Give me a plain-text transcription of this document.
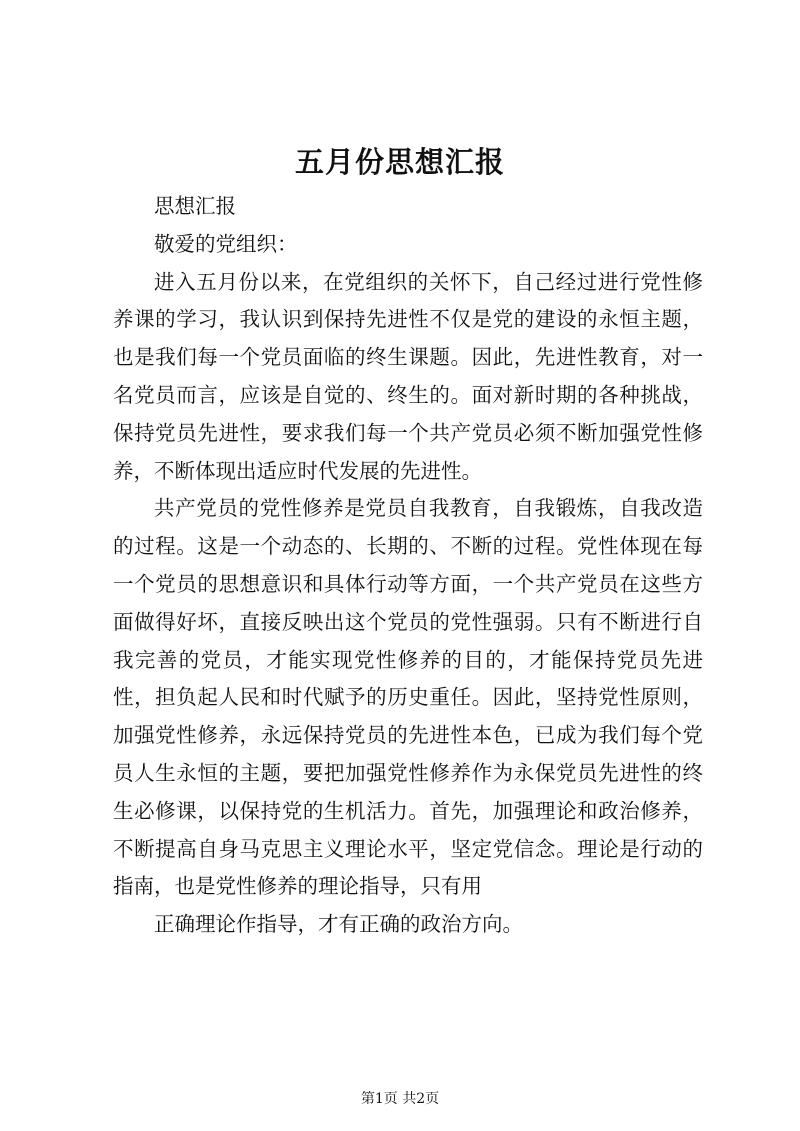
五月份思想汇报

思想汇报

敬爱的党组织：

进入五月份以来，在党组织的关怀下，自己经过进行党性修养课的学习，我认识到保持先进性不仅是党的建设的永恒主题，也是我们每一个党员面临的终生课题。因此，先进性教育，对一名党员而言，应该是自觉的、终生的。面对新时期的各种挑战，保持党员先进性，要求我们每一个共产党员必须不断加强党性修养，不断体现出适应时代发展的先进性。

共产党员的党性修养是党员自我教育，自我锻炼，自我改造的过程。这是一个动态的、长期的、不断的过程。党性体现在每一个党员的思想意识和具体行动等方面，一个共产党员在这些方面做得好坏，直接反映出这个党员的党性强弱。只有不断进行自我完善的党员，才能实现党性修养的目的，才能保持党员先进性，担负起人民和时代赋予的历史重任。因此，坚持党性原则，加强党性修养，永远保持党员的先进性本色，已成为我们每个党员人生永恒的主题，要把加强党性修养作为永保党员先进性的终生必修课，以保持党的生机活力。首先，加强理论和政治修养，不断提高自身马克思主义理论水平，坚定党信念。理论是行动的指南，也是党性修养的理论指导，只有用

正确理论作指导，才有正确的政治方向。

第1页 共2页
